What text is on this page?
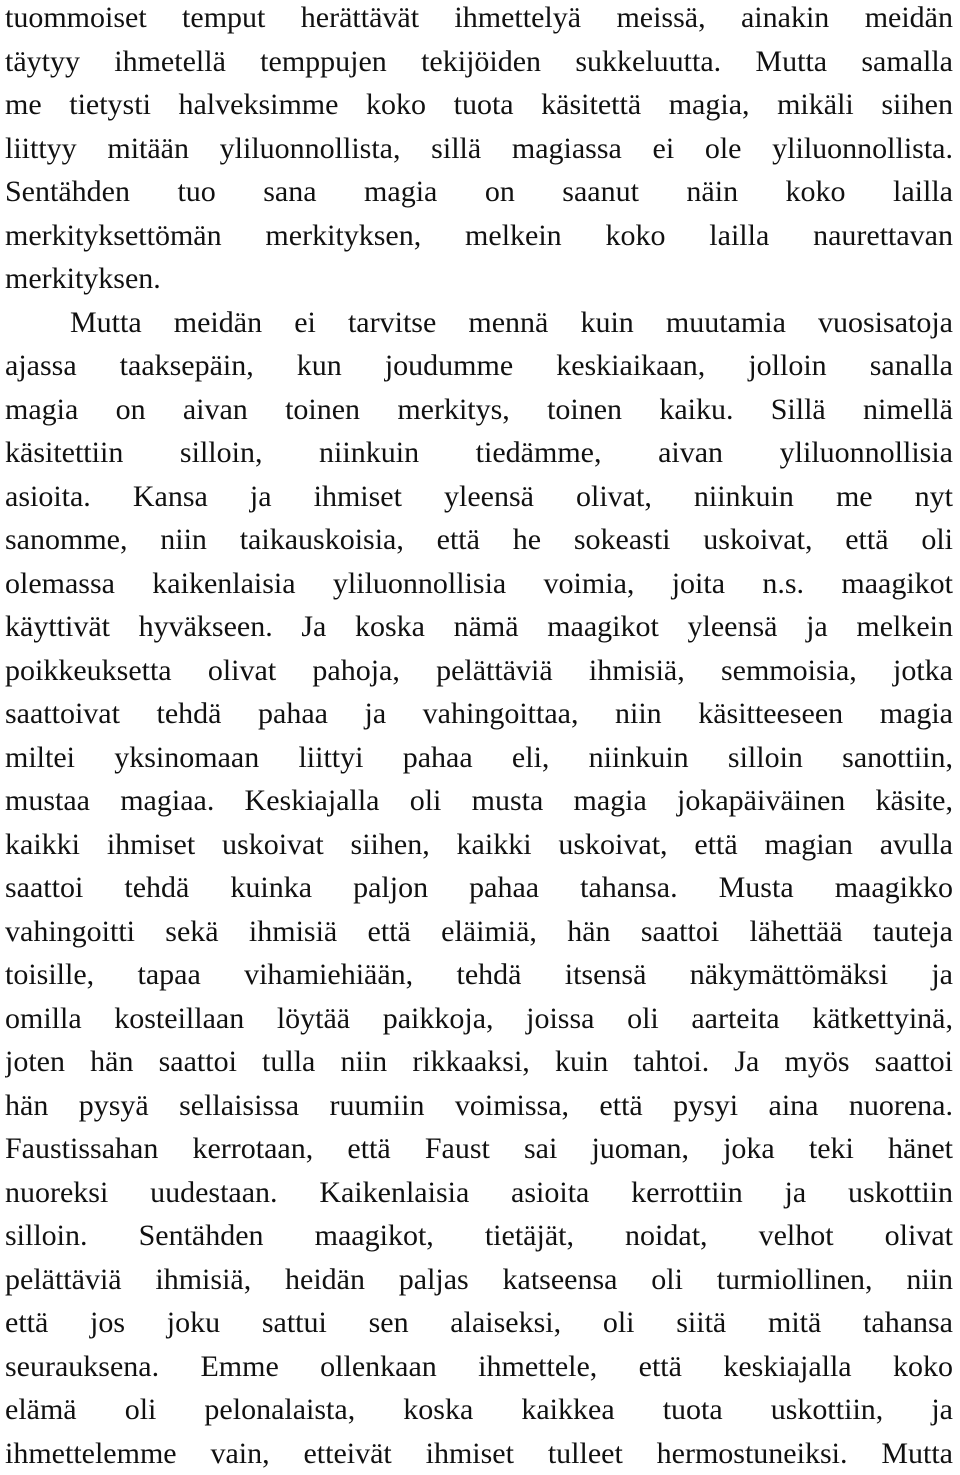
tuommoiset temput herättävät ihmettelyä meissä, ainakin meidän
täytyy ihmetellä temppujen tekijöiden sukkeluutta. Mutta samalla
me tietysti halveksimme koko tuota käsitettä magia, mikäli siihen
liittyy mitään yliluonnollista, sillä magiassa ei ole yliluonnollista.
Sentähden tuo sana magia on saanut näin koko lailla
merkityksettömän merkityksen, melkein koko lailla naurettavan
merkityksen.
Mutta meidän ei tarvitse mennä kuin muutamia vuosisatoja
ajassa taaksepäin, kun joudumme keskiaikaan, jolloin sanalla
magia on aivan toinen merkitys, toinen kaiku. Sillä nimellä
käsitettiin silloin, niinkuin tiedämme, aivan yliluonnollisia
asioita. Kansa ja ihmiset yleensä olivat, niinkuin me nyt
sanomme, niin taikauskoisia, että he sokeasti uskoivat, että oli
olemassa kaikenlaisia yliluonnollisia voimia, joita n.s. maagikot
käyttivät hyväkseen. Ja koska nämä maagikot yleensä ja melkein
poikkeuksetta olivat pahoja, pelättäviä ihmisiä, semmoisia, jotka
saattoivat tehdä pahaa ja vahingoittaa, niin käsitteeseen magia
miltei yksinomaan liittyi pahaa eli, niinkuin silloin sanottiin,
mustaa magiaa. Keskiajalla oli musta magia jokapäiväinen käsite,
kaikki ihmiset uskoivat siihen, kaikki uskoivat, että magian avulla
saattoi tehdä kuinka paljon pahaa tahansa. Musta maagikko
vahingoitti sekä ihmisiä että eläimiä, hän saattoi lähettää tauteja
toisille, tapaa vihamiehiään, tehdä itsensä näkymättömäksi ja
omilla kosteillaan löytää paikkoja, joissa oli aarteita kätkettyinä,
joten hän saattoi tulla niin rikkaaksi, kuin tahtoi. Ja myös saattoi
hän pysyä sellaisissa ruumiin voimissa, että pysyi aina nuorena.
Faustissahan kerrotaan, että Faust sai juoman, joka teki hänet
nuoreksi uudestaan. Kaikenlaisia asioita kerrottiin ja uskottiin
silloin. Sentähden maagikot, tietäjät, noidat, velhot olivat
pelättäviä ihmisiä, heidän paljas katseensa oli turmiollinen, niin
että jos joku sattui sen alaiseksi, oli siitä mitä tahansa
seurauksena. Emme ollenkaan ihmettele, että keskiajalla koko
elämä oli pelonalaista, koska kaikkea tuota uskottiin, ja
ihmettelemme vain, etteivät ihmiset tulleet hermostuneiksi. Mutta
